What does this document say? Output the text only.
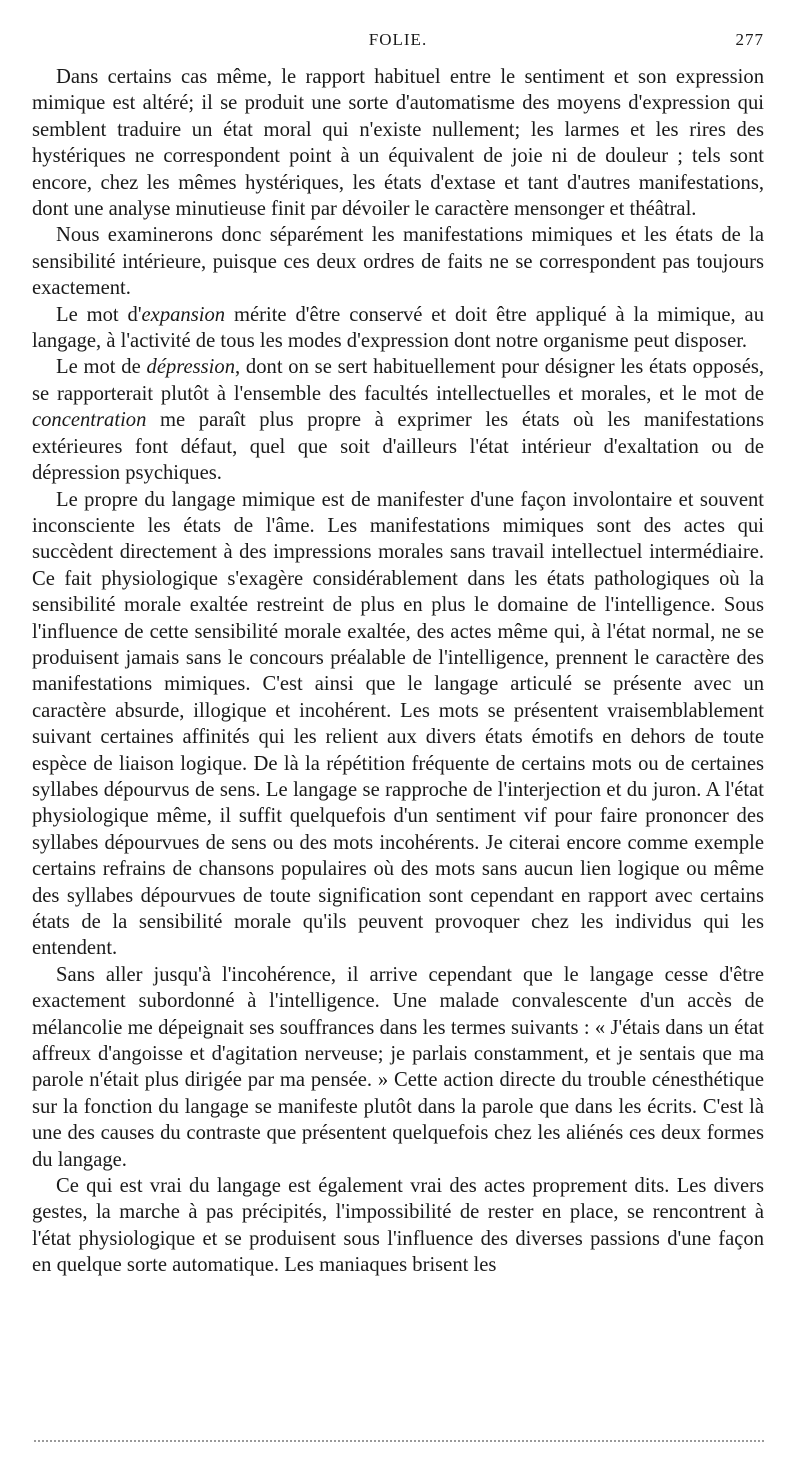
FOLIE.	277

Dans certains cas même, le rapport habituel entre le sentiment et son expression mimique est altéré; il se produit une sorte d'automatisme des moyens d'expression qui semblent traduire un état moral qui n'existe nullement; les larmes et les rires des hystériques ne correspondent point à un équivalent de joie ni de douleur ; tels sont encore, chez les mêmes hystériques, les états d'extase et tant d'autres manifestations, dont une analyse minutieuse finit par dévoiler le caractère mensonger et théâtral.

Nous examinerons donc séparément les manifestations mimiques et les états de la sensibilité intérieure, puisque ces deux ordres de faits ne se correspondent pas toujours exactement.

Le mot d'expansion mérite d'être conservé et doit être appliqué à la mimique, au langage, à l'activité de tous les modes d'expression dont notre organisme peut disposer.

Le mot de dépression, dont on se sert habituellement pour désigner les états opposés, se rapporterait plutôt à l'ensemble des facultés intellectuelles et morales, et le mot de concentration me paraît plus propre à exprimer les états où les manifestations extérieures font défaut, quel que soit d'ailleurs l'état intérieur d'exaltation ou de dépression psychiques.

Le propre du langage mimique est de manifester d'une façon involontaire et souvent inconsciente les états de l'âme. Les manifestations mimiques sont des actes qui succèdent directement à des impressions morales sans travail intellectuel intermédiaire. Ce fait physiologique s'exagère considérablement dans les états pathologiques où la sensibilité morale exaltée restreint de plus en plus le domaine de l'intelligence. Sous l'influence de cette sensibilité morale exaltée, des actes même qui, à l'état normal, ne se produisent jamais sans le concours préalable de l'intelligence, prennent le caractère des manifestations mimiques. C'est ainsi que le langage articulé se présente avec un caractère absurde, illogique et incohérent. Les mots se présentent vraisemblablement suivant certaines affinités qui les relient aux divers états émotifs en dehors de toute espèce de liaison logique. De là la répétition fréquente de certains mots ou de certaines syllabes dépourvus de sens. Le langage se rapproche de l'interjection et du juron. A l'état physiologique même, il suffit quelquefois d'un sentiment vif pour faire prononcer des syllabes dépourvues de sens ou des mots incohérents. Je citerai encore comme exemple certains refrains de chansons populaires où des mots sans aucun lien logique ou même des syllabes dépourvues de toute signification sont cependant en rapport avec certains états de la sensibilité morale qu'ils peuvent provoquer chez les individus qui les entendent.

Sans aller jusqu'à l'incohérence, il arrive cependant que le langage cesse d'être exactement subordonné à l'intelligence. Une malade convalescente d'un accès de mélancolie me dépeignait ses souffrances dans les termes suivants : « J'étais dans un état affreux d'angoisse et d'agitation nerveuse; je parlais constamment, et je sentais que ma parole n'était plus dirigée par ma pensée. » Cette action directe du trouble cénesthétique sur la fonction du langage se manifeste plutôt dans la parole que dans les écrits. C'est là une des causes du contraste que présentent quelquefois chez les aliénés ces deux formes du langage.

Ce qui est vrai du langage est également vrai des actes proprement dits. Les divers gestes, la marche à pas précipités, l'impossibilité de rester en place, se rencontrent à l'état physiologique et se produisent sous l'influence des diverses passions d'une façon en quelque sorte automatique. Les maniaques brisent les
